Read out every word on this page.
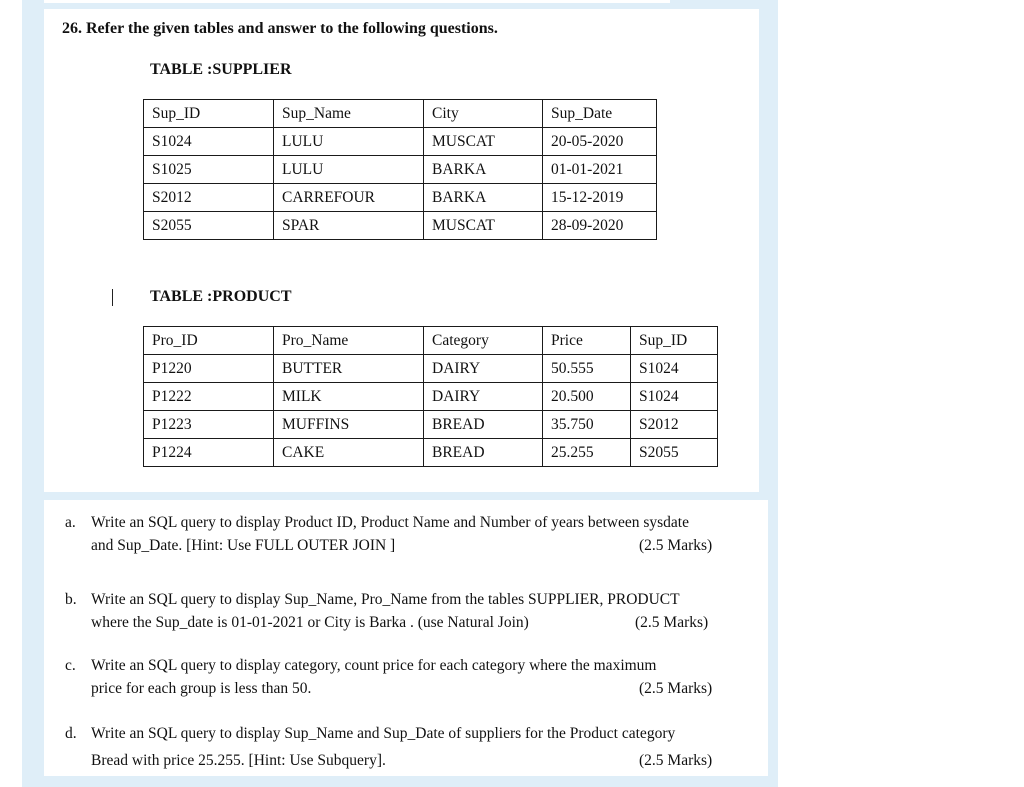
26. Refer the given tables and answer to the following questions.
TABLE :SUPPLIER
Sup_ID	Sup_Name	City	Sup_Date
S1024	LULU	MUSCAT	20-05-2020
S1025	LULU	BARKA	01-01-2021
S2012	CARREFOUR	BARKA	15-12-2019
S2055	SPAR	MUSCAT	28-09-2020
TABLE :PRODUCT
Pro_ID	Pro_Name	Category	Price	Sup_ID
P1220	BUTTER	DAIRY	50.555	S1024
P1222	MILK	DAIRY	20.500	S1024
P1223	MUFFINS	BREAD	35.750	S2012
P1224	CAKE	BREAD	25.255	S2055
a. Write an SQL query to display Product ID, Product Name and Number of years between sysdate
and Sup_Date. [Hint: Use FULL OUTER JOIN ]	(2.5 Marks)
b. Write an SQL query to display Sup_Name, Pro_Name from the tables SUPPLIER, PRODUCT
where the Sup_date is 01-01-2021 or City is Barka . (use Natural Join)	(2.5 Marks)
c. Write an SQL query to display category, count price for each category where the maximum
price for each group is less than 50.	(2.5 Marks)
d. Write an SQL query to display Sup_Name and Sup_Date of suppliers for the Product category
Bread with price 25.255. [Hint: Use Subquery].	(2.5 Marks)
